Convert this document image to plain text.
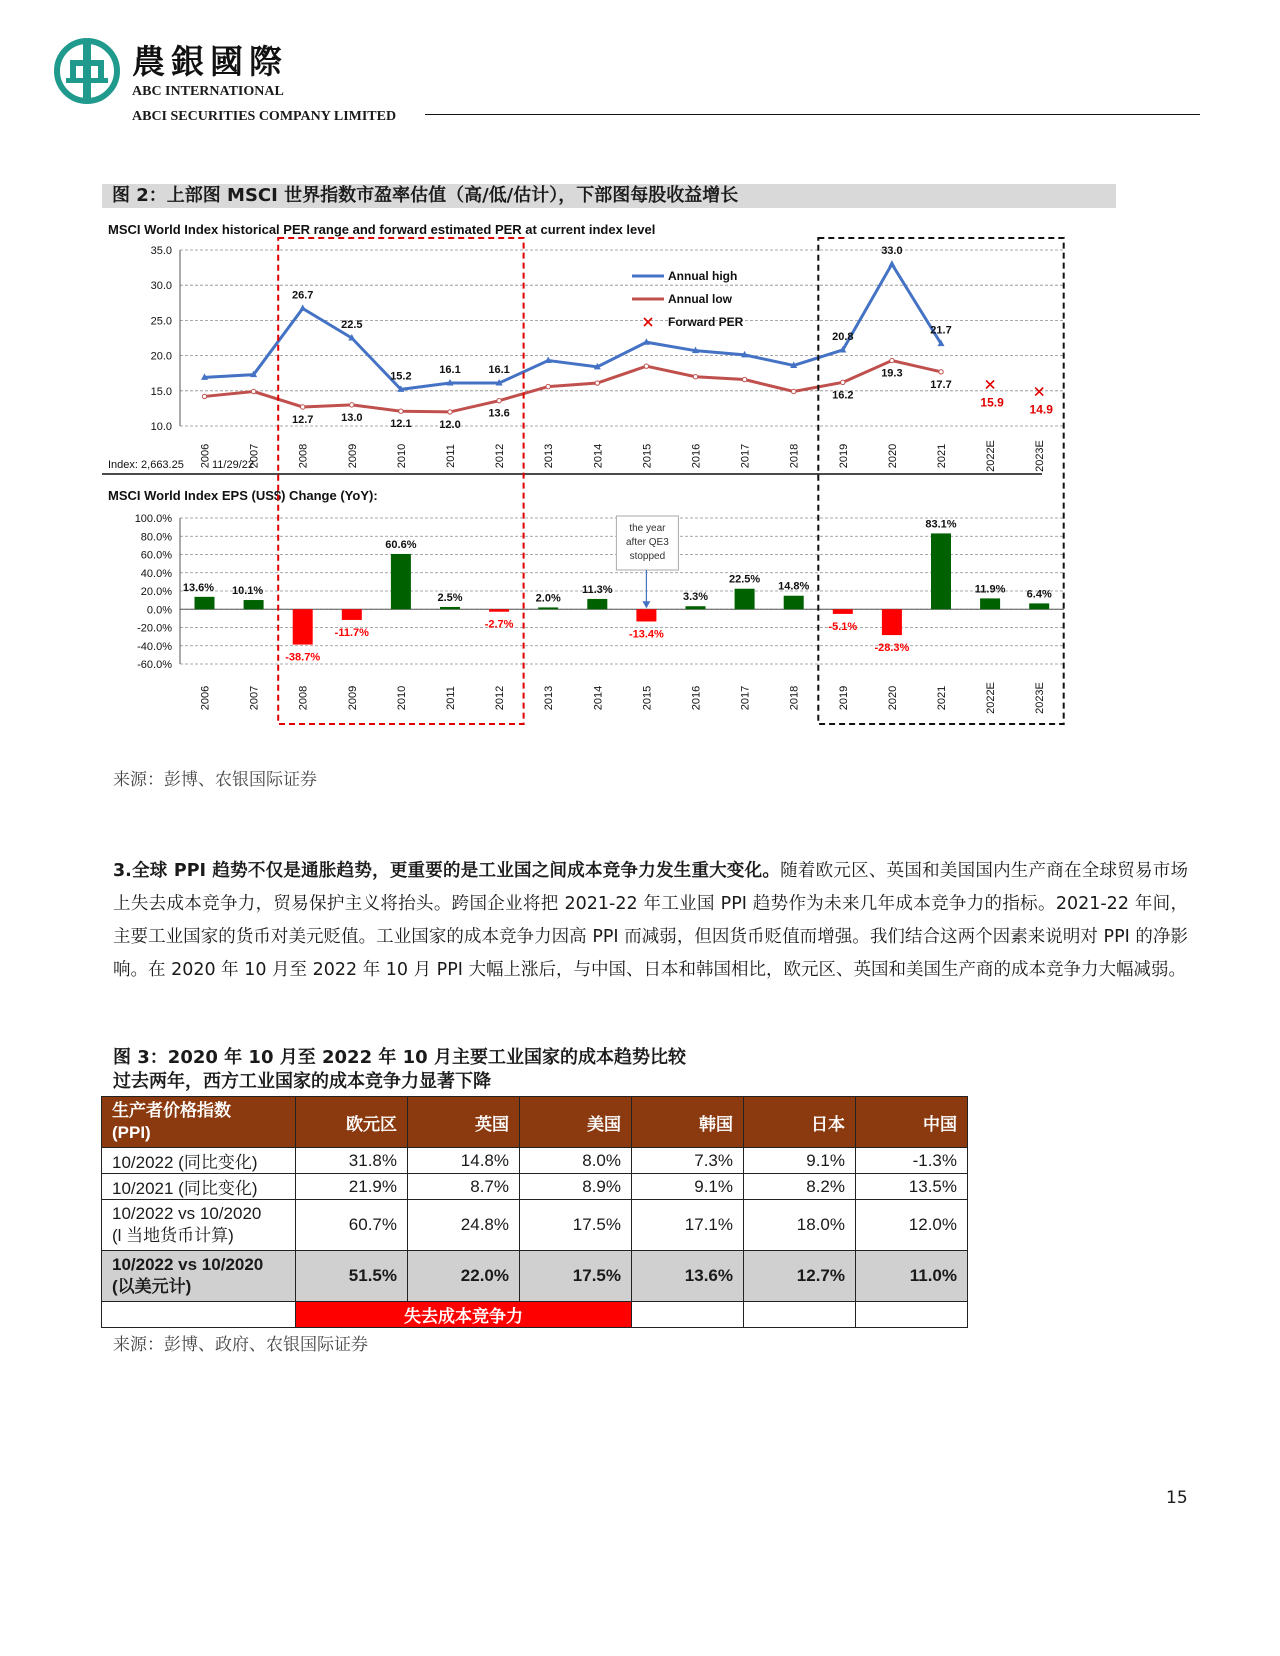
農銀國際
ABC INTERNATIONAL
ABCI SECURITIES COMPANY LIMITED
图 2：上部图 MSCI 世界指数市盈率估值（高/低/估计），下部图每股收益增长
MSCI World Index historical PER range and forward estimated PER at current index level
10.0
15.0
20.0
25.0
30.0
35.0
2006	2007	2008	2009	2010	2011	2012	2013	2014	2015	2016	2017	2018	2019	2020	2021	2022E	2023E
26.7
22.5
15.2
16.1	16.1
20.8
33.0
21.7
12.7	13.0
12.1	12.0
13.6
16.2
19.3
17.7
15.9
14.9
Annual high
Annual low
Forward PER
Index: 2,663.25	11/29/22
MSCI World Index EPS (US$) Change (YoY):
-60.0%
-40.0%
-20.0%
0.0%
20.0%
40.0%
60.0%
80.0%
100.0%
13.6% 10.1%
-38.7%
-11.7%
60.6%
2.5%
-2.7%
2.0%
11.3%
-13.4%
3.3%
22.5%
14.8%
-5.1%
-28.3%
83.1%
11.9% 6.4%
2006	2007	2008	2009	2010	2011	2012	2013	2014	2015	2016	2017	2018	2019	2020	2021	2022E	2023E
the year
after QE3
stopped
来源：彭博、农银国际证券
3.全球 PPI 趋势不仅是通胀趋势，更重要的是工业国之间成本竞争力发生重大变化。随着欧元区、英国和美国国内生产商在全球贸易市场上失去成本竞争力，贸易保护主义将抬头。跨国企业将把 2021-22 年工业国 PPI 趋势作为未来几年成本竞争力的指标。2021-22 年间，主要工业国家的货币对美元贬值。工业国家的成本竞争力因高 PPI 而减弱，但因货币贬值而增强。我们结合这两个因素来说明对 PPI 的净影响。在 2020 年 10 月至 2022 年 10 月 PPI 大幅上涨后，与中国、日本和韩国相比，欧元区、英国和美国生产商的成本竞争力大幅减弱。
图 3：2020 年 10 月至 2022 年 10 月主要工业国家的成本趋势比较
过去两年，西方工业国家的成本竞争力显著下降
生产者价格指数
(PPI)	欧元区	英国	美国	韩国	日本	中国
10/2022 (同比变化)	31.8%	14.8%	8.0%	7.3%	9.1%	-1.3%
10/2021 (同比变化)	21.9%	8.7%	8.9%	9.1%	8.2%	13.5%
10/2022 vs 10/2020
(l 当地货币计算)	60.7%	24.8%	17.5%	17.1%	18.0%	12.0%
10/2022 vs 10/2020
(以美元计)	51.5%	22.0%	17.5%	13.6%	12.7%	11.0%
	失去成本竞争力					
来源：彭博、政府、农银国际证券
15
